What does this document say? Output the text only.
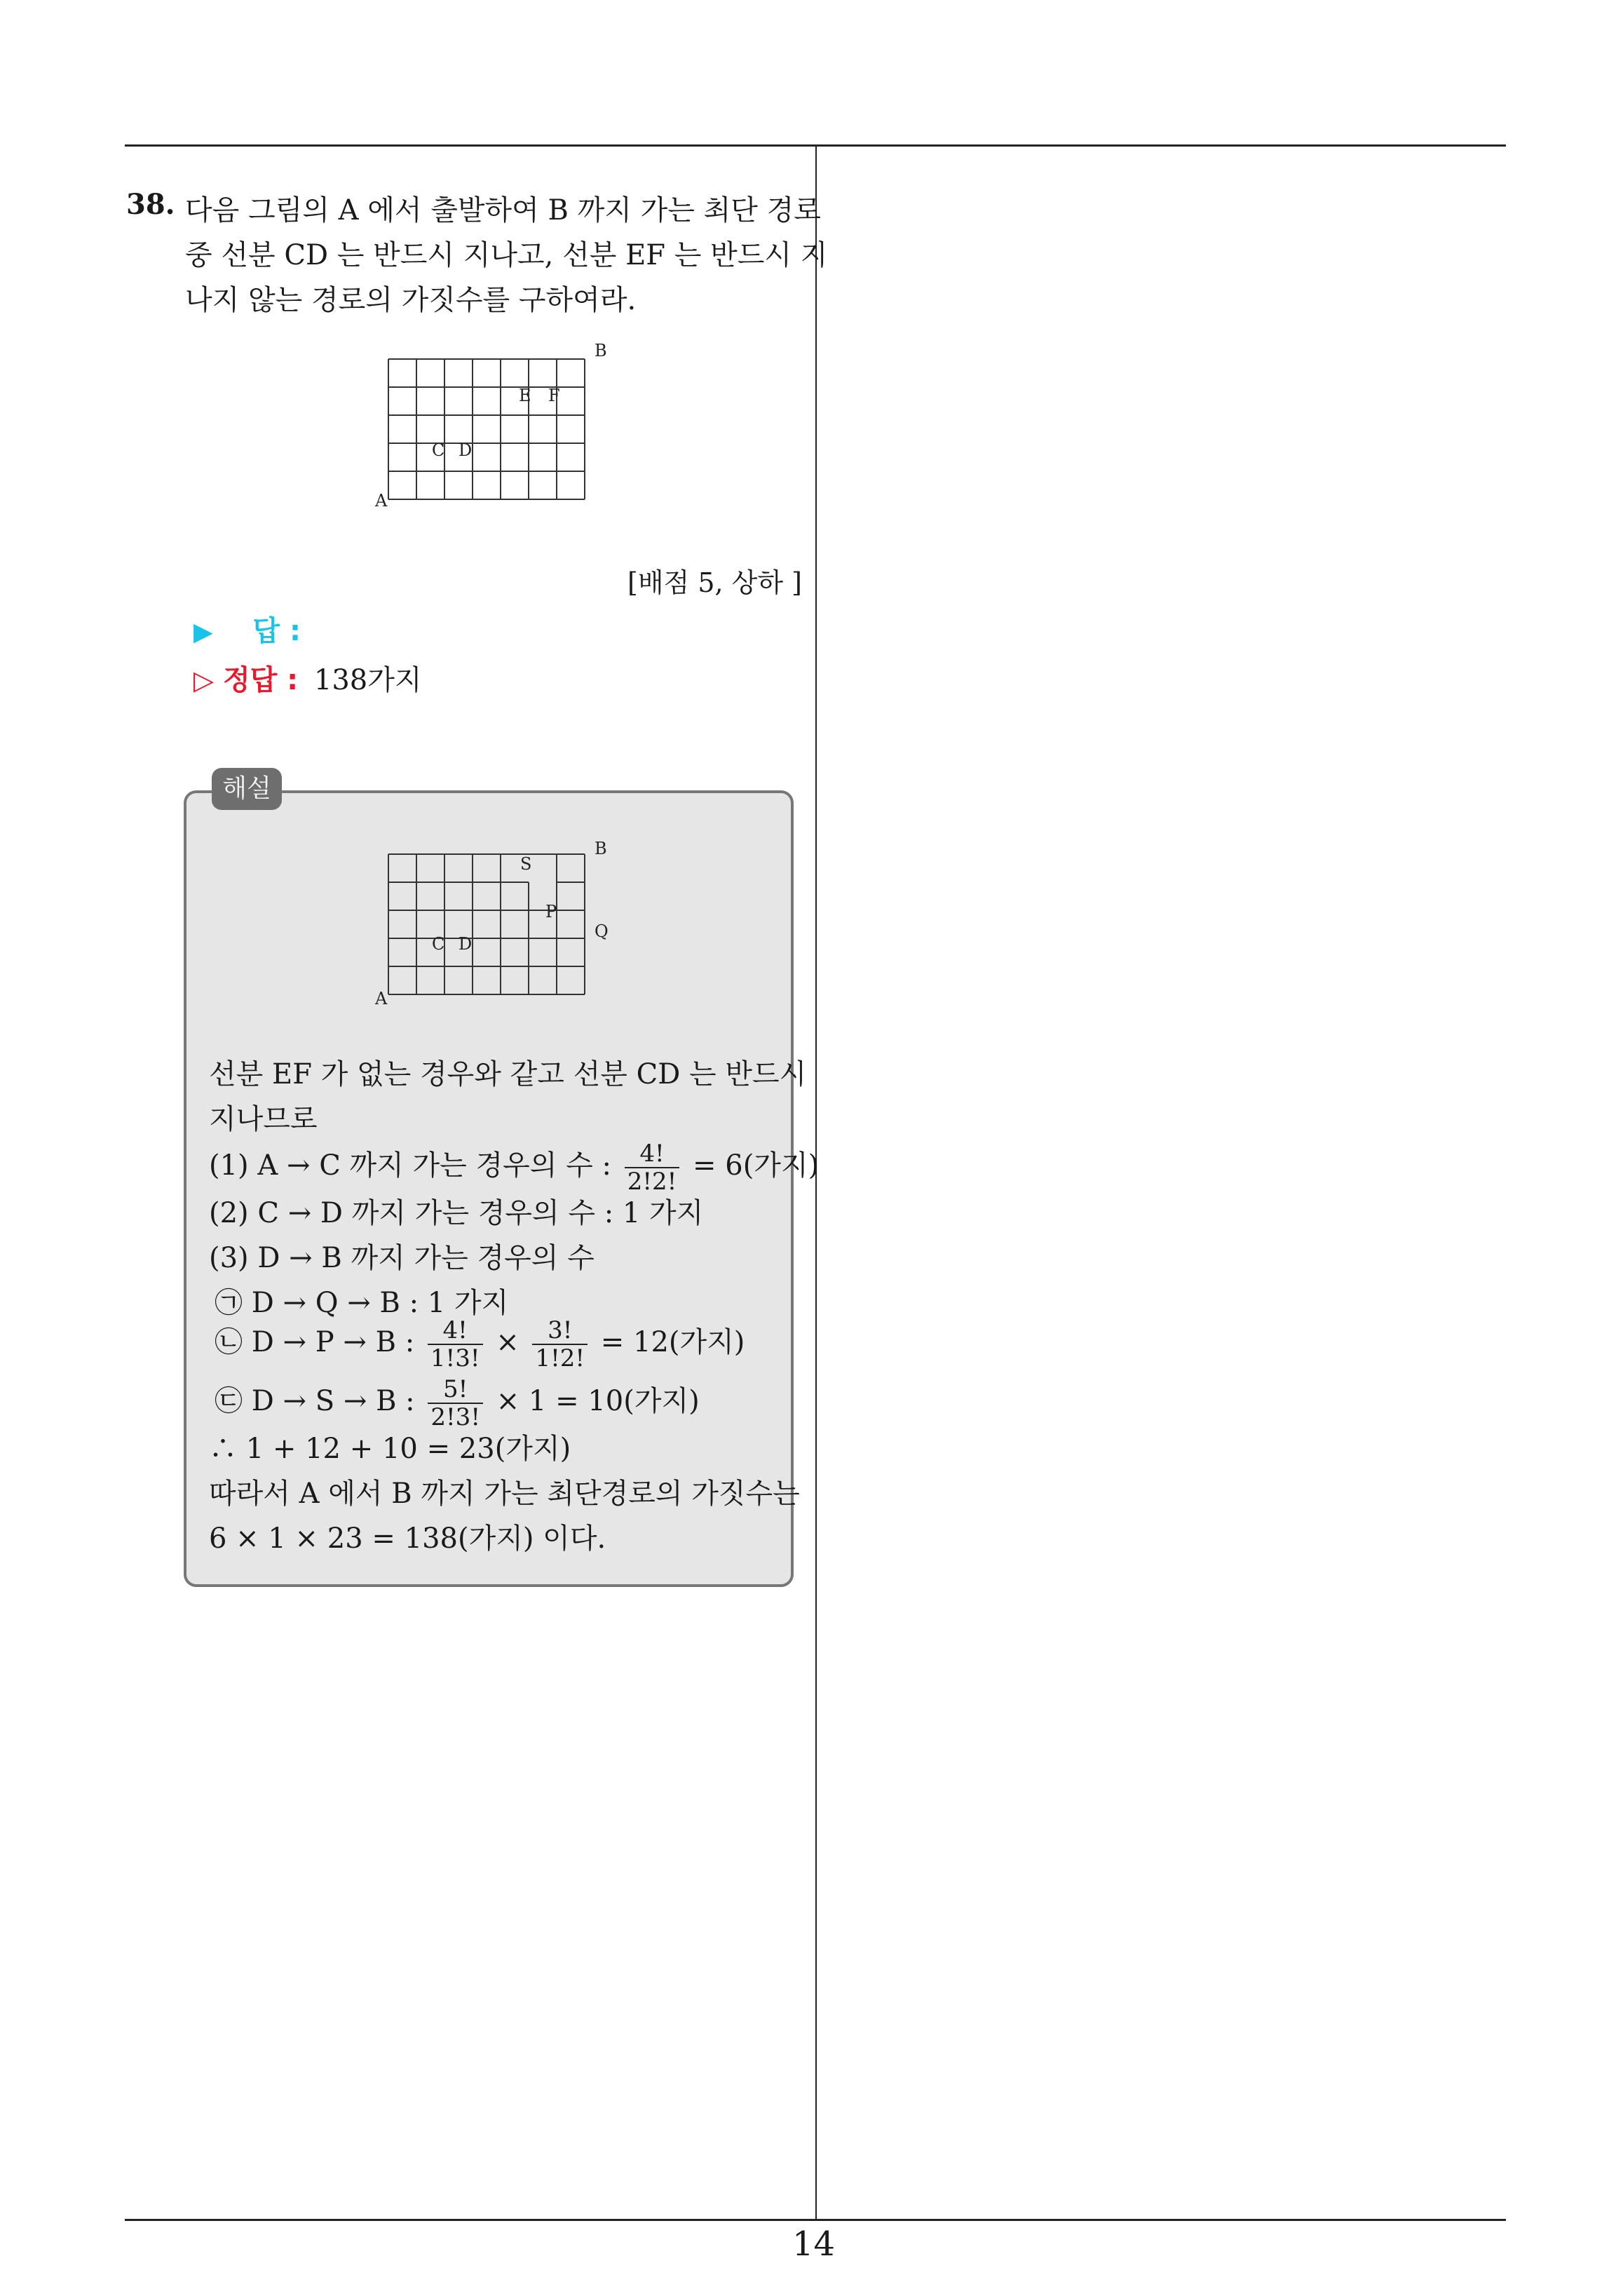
38. 다음 그림의 A 에서 출발하여 B 까지 가는 최단 경로
중 선분 CD 는 반드시 지나고, 선분 EF 는 반드시 지
나지 않는 경로의 가짓수를 구하여라.
A
B
E F
C D
[배점 5, 상하 ]
▶ 답 :
▷ 정답 : 138가지
해설
A
B
S
P
Q
C D
선분 EF 가 없는 경우와 같고 선분 CD 는 반드시
지나므로
(1) A → C 까지 가는 경우의 수 : $\frac{4!}{2!2!} = 6$(가지)
(2) C → D 까지 가는 경우의 수 : 1 가지
(3) D → B 까지 가는 경우의 수
㉠ D → Q → B : 1 가지
㉡ D → P → B : $\frac{4!}{1!3!} \times \frac{3!}{1!2!} = 12$(가지)
㉢ D → S → B : $\frac{5!}{2!3!} \times 1 = 10$(가지)
∴ 1 + 12 + 10 = 23(가지)
따라서 A 에서 B 까지 가는 최단경로의 가짓수는
6 × 1 × 23 = 138(가지) 이다.
14
